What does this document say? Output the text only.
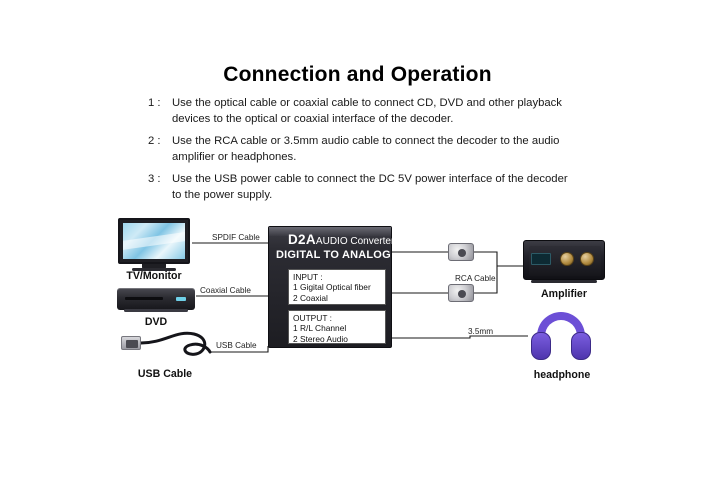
Connection and Operation
1 :	Use the optical cable or coaxial cable to connect CD, DVD and other playback devices to the optical or coaxial interface of the decoder.
2 :	Use the RCA cable or 3.5mm audio cable to connect the decoder to the audio amplifier or headphones.
3 :	Use the USB power cable to connect the DC 5V power interface of the decoder to the power supply.
TV/Monitor
DVD
USB Cable
D2AAUDIO Converter
DIGITAL TO ANALOG
INPUT :
1 Gigital Optical fiber
2 Coaxial
OUTPUT :
1 R/L Channel
2 Stereo Audio
Amplifier
headphone
SPDIF Cable
Coaxial Cable
USB Cable
RCA Cable
3.5mm
